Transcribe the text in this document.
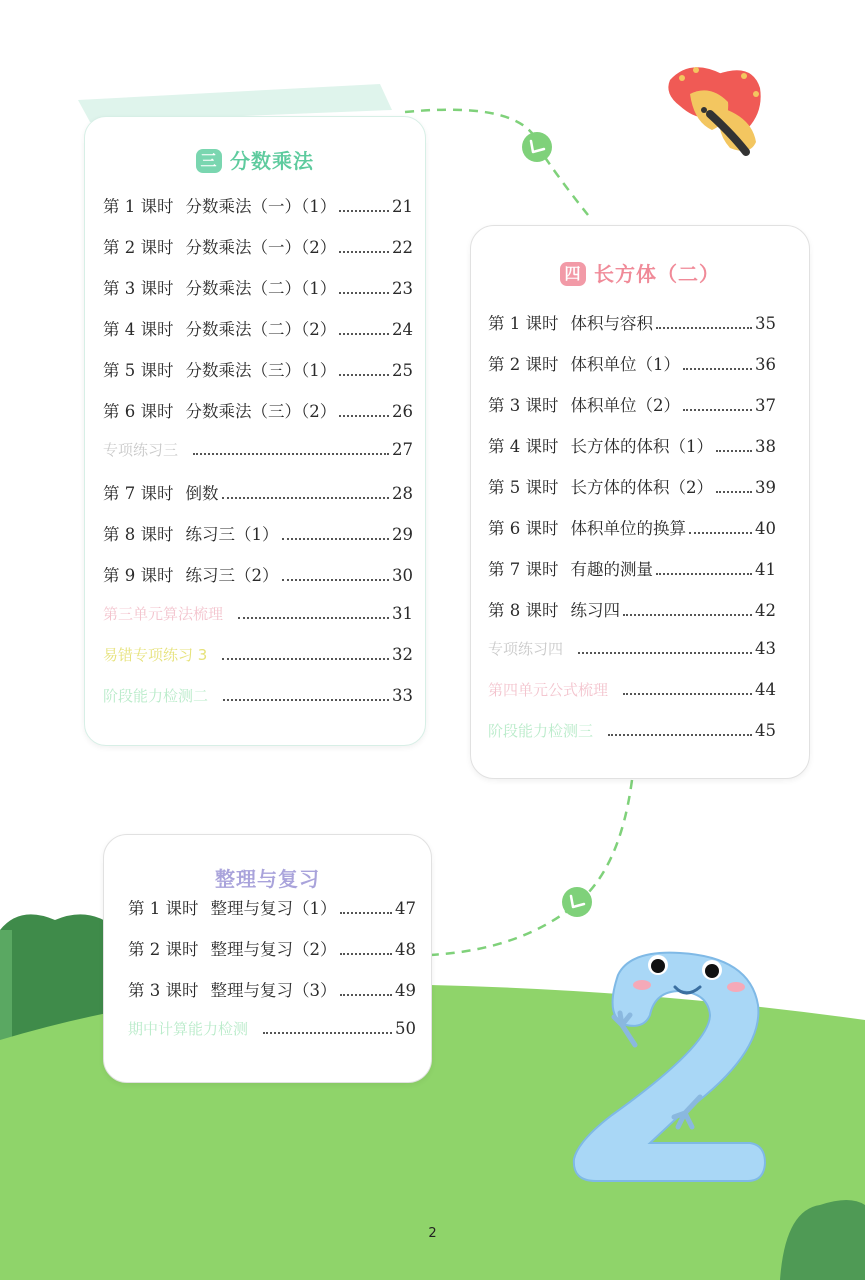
三 分数乘法
第 1 课时 分数乘法（一）（1）	21
第 2 课时 分数乘法（一）（2）	22
第 3 课时 分数乘法（二）（1）	23
第 4 课时 分数乘法（二）（2）	24
第 5 课时 分数乘法（三）（1）	25
第 6 课时 分数乘法（三）（2）	26
专项练习三	27
第 7 课时 倒数	28
第 8 课时 练习三（1）	29
第 9 课时 练习三（2）	30
第三单元算法梳理	31
易错专项练习 3	32
阶段能力检测二	33
四 长方体（二）
第 1 课时 体积与容积	35
第 2 课时 体积单位（1）	36
第 3 课时 体积单位（2）	37
第 4 课时 长方体的体积（1）	38
第 5 课时 长方体的体积（2）	39
第 6 课时 体积单位的换算	40
第 7 课时 有趣的测量	41
第 8 课时 练习四	42
专项练习四	43
第四单元公式梳理	44
阶段能力检测三	45
整理与复习
第 1 课时 整理与复习（1）	47
第 2 课时 整理与复习（2）	48
第 3 课时 整理与复习（3）	49
期中计算能力检测	50
2
